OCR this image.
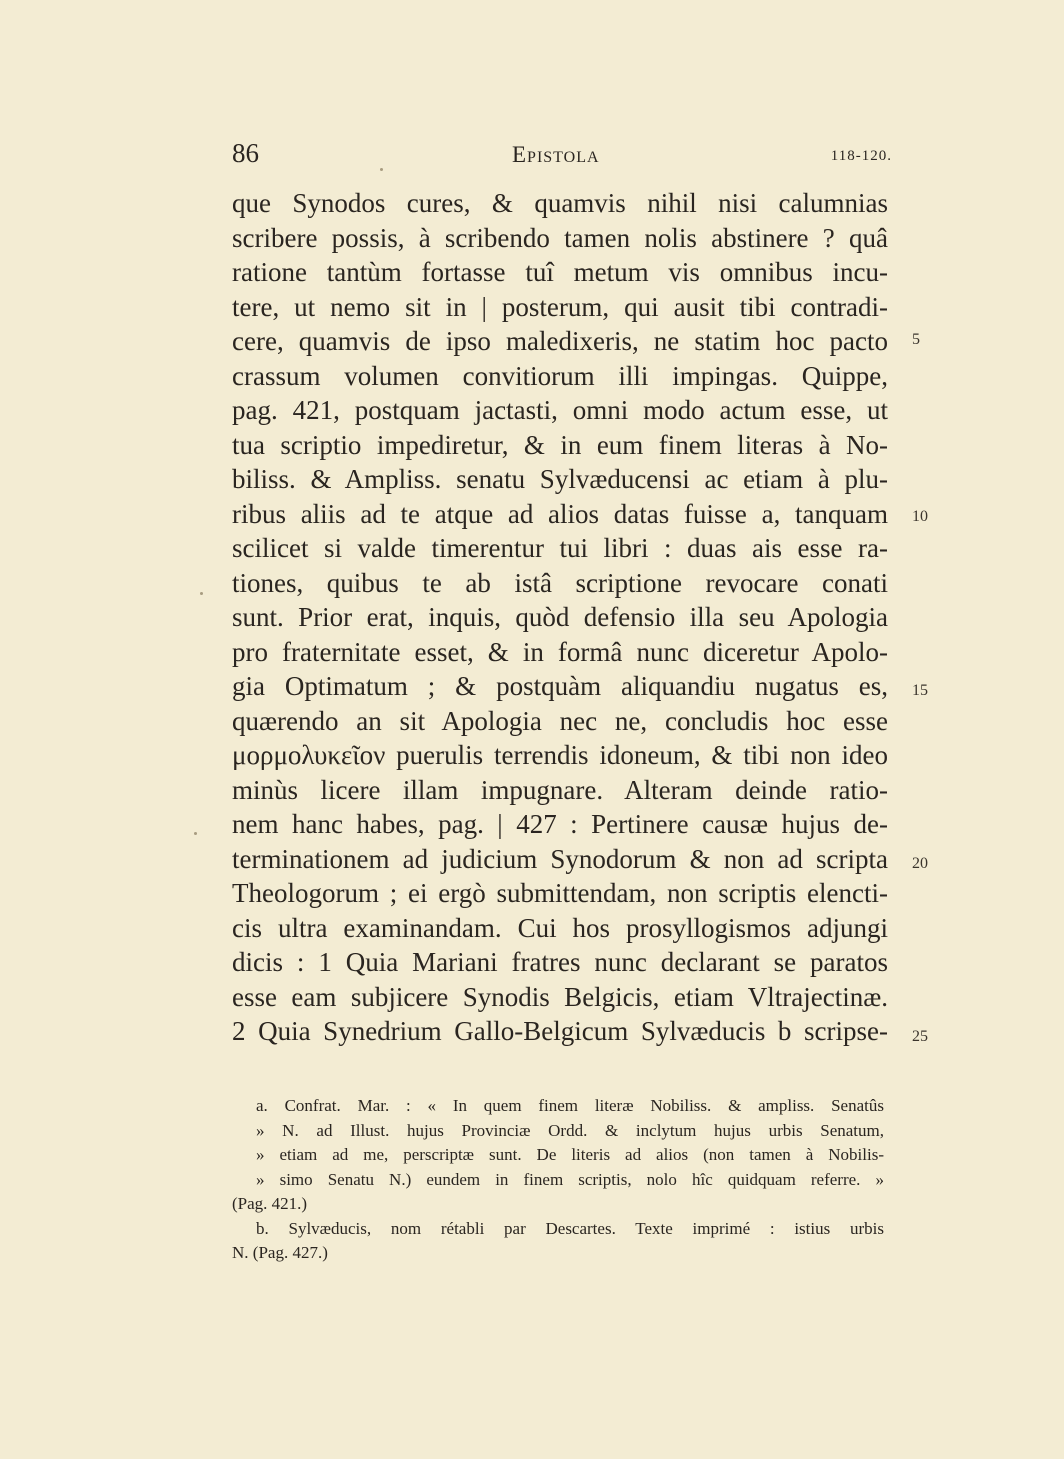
86	Epistola	118-120.
que Synodos cures, & quamvis nihil nisi calumnias
scribere possis, à scribendo tamen nolis abstinere ? quâ
ratione tantùm fortasse tuî metum vis omnibus incu-
tere, ut nemo sit in | posterum, qui ausit tibi contradi-
cere, quamvis de ipso maledixeris, ne statim hoc pacto
crassum volumen convitiorum illi impingas. Quippe,
pag. 421, postquam jactasti, omni modo actum esse, ut
tua scriptio impediretur, & in eum finem literas à No-
biliss. & Ampliss. senatu Sylvæducensi ac etiam à plu-
ribus aliis ad te atque ad alios datas fuisse a, tanquam
scilicet si valde timerentur tui libri : duas ais esse ra-
tiones, quibus te ab istâ scriptione revocare conati
sunt. Prior erat, inquis, quòd defensio illa seu Apologia
pro fraternitate esset, & in formâ nunc diceretur Apolo-
gia Optimatum ; & postquàm aliquandiu nugatus es,
quærendo an sit Apologia nec ne, concludis hoc esse
μορμολυκεῖον puerulis terrendis idoneum, & tibi non ideo
minùs licere illam impugnare. Alteram deinde ratio-
nem hanc habes, pag. | 427 : Pertinere causæ hujus de-
terminationem ad judicium Synodorum & non ad scripta
Theologorum ; ei ergò submittendam, non scriptis elencti-
cis ultra examinandam. Cui hos prosyllogismos adjungi
dicis : 1 Quia Mariani fratres nunc declarant se paratos
esse eam subjicere Synodis Belgicis, etiam Vltrajectinæ.
2 Quia Synedrium Gallo-Belgicum Sylvæducis b scripse-
5
10
15
20
25
a. Confrat. Mar. : « In quem finem literæ Nobiliss. & ampliss. Senatûs
» N. ad Illust. hujus Provinciæ Ordd. & inclytum hujus urbis Senatum,
» etiam ad me, perscriptæ sunt. De literis ad alios (non tamen à Nobilis-
» simo Senatu N.) eundem in finem scriptis, nolo hîc quidquam referre. »
(Pag. 421.)
b. Sylvæducis, nom rétabli par Descartes. Texte imprimé : istius urbis
N. (Pag. 427.)
